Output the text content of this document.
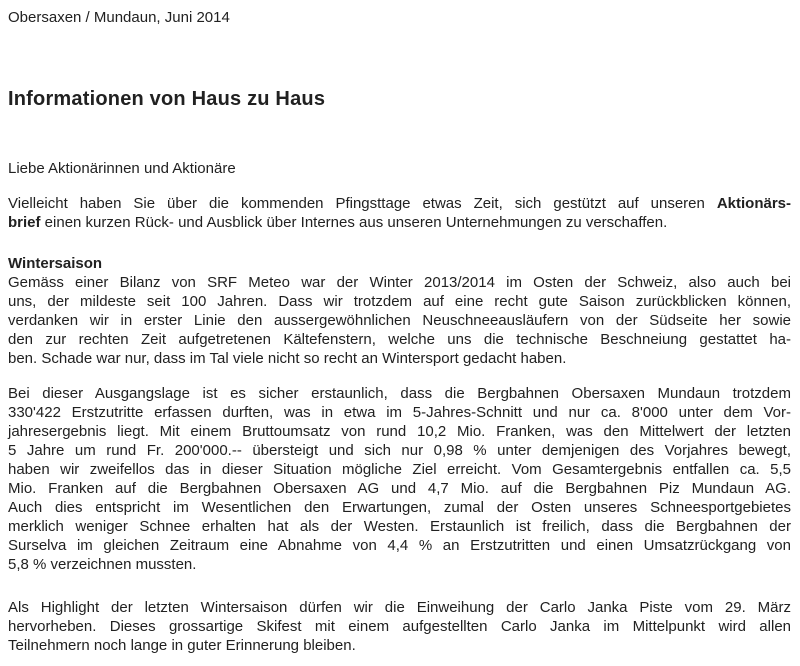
Obersaxen / Mundaun, Juni 2014
Informationen von Haus zu Haus
Liebe Aktionärinnen und Aktionäre
Vielleicht haben Sie über die kommenden Pfingsttage etwas Zeit, sich gestützt auf unseren Aktionärs-
brief einen kurzen Rück- und Ausblick über Internes aus unseren Unternehmungen zu verschaffen.
Wintersaison
Gemäss einer Bilanz von SRF Meteo war der Winter 2013/2014 im Osten der Schweiz, also auch bei
uns, der mildeste seit 100 Jahren. Dass wir trotzdem auf eine recht gute Saison zurückblicken können,
verdanken wir in erster Linie den aussergewöhnlichen Neuschneeausläufern von der Südseite her sowie
den zur rechten Zeit aufgetretenen Kältefenstern, welche uns die technische Beschneiung gestattet ha-
ben. Schade war nur, dass im Tal viele nicht so recht an Wintersport gedacht haben.
Bei dieser Ausgangslage ist es sicher erstaunlich, dass die Bergbahnen Obersaxen Mundaun trotzdem
330'422 Erstzutritte erfassen durften, was in etwa im 5-Jahres-Schnitt und nur ca. 8'000 unter dem Vor-
jahresergebnis liegt. Mit einem Bruttoumsatz von rund 10,2 Mio. Franken, was den Mittelwert der letzten
5 Jahre um rund Fr. 200'000.-- übersteigt und sich nur 0,98 % unter demjenigen des Vorjahres bewegt,
haben wir zweifellos das in dieser Situation mögliche Ziel erreicht. Vom Gesamtergebnis entfallen ca. 5,5
Mio. Franken auf die Bergbahnen Obersaxen AG und 4,7 Mio. auf die Bergbahnen Piz Mundaun AG.
Auch dies entspricht im Wesentlichen den Erwartungen, zumal der Osten unseres Schneesportgebietes
merklich weniger Schnee erhalten hat als der Westen. Erstaunlich ist freilich, dass die Bergbahnen der
Surselva im gleichen Zeitraum eine Abnahme von 4,4 % an Erstzutritten und einen Umsatzrückgang von
5,8 % verzeichnen mussten.
Als Highlight der letzten Wintersaison dürfen wir die Einweihung der Carlo Janka Piste vom 29. März
hervorheben. Dieses grossartige Skifest mit einem aufgestellten Carlo Janka im Mittelpunkt wird allen
Teilnehmern noch lange in guter Erinnerung bleiben.
